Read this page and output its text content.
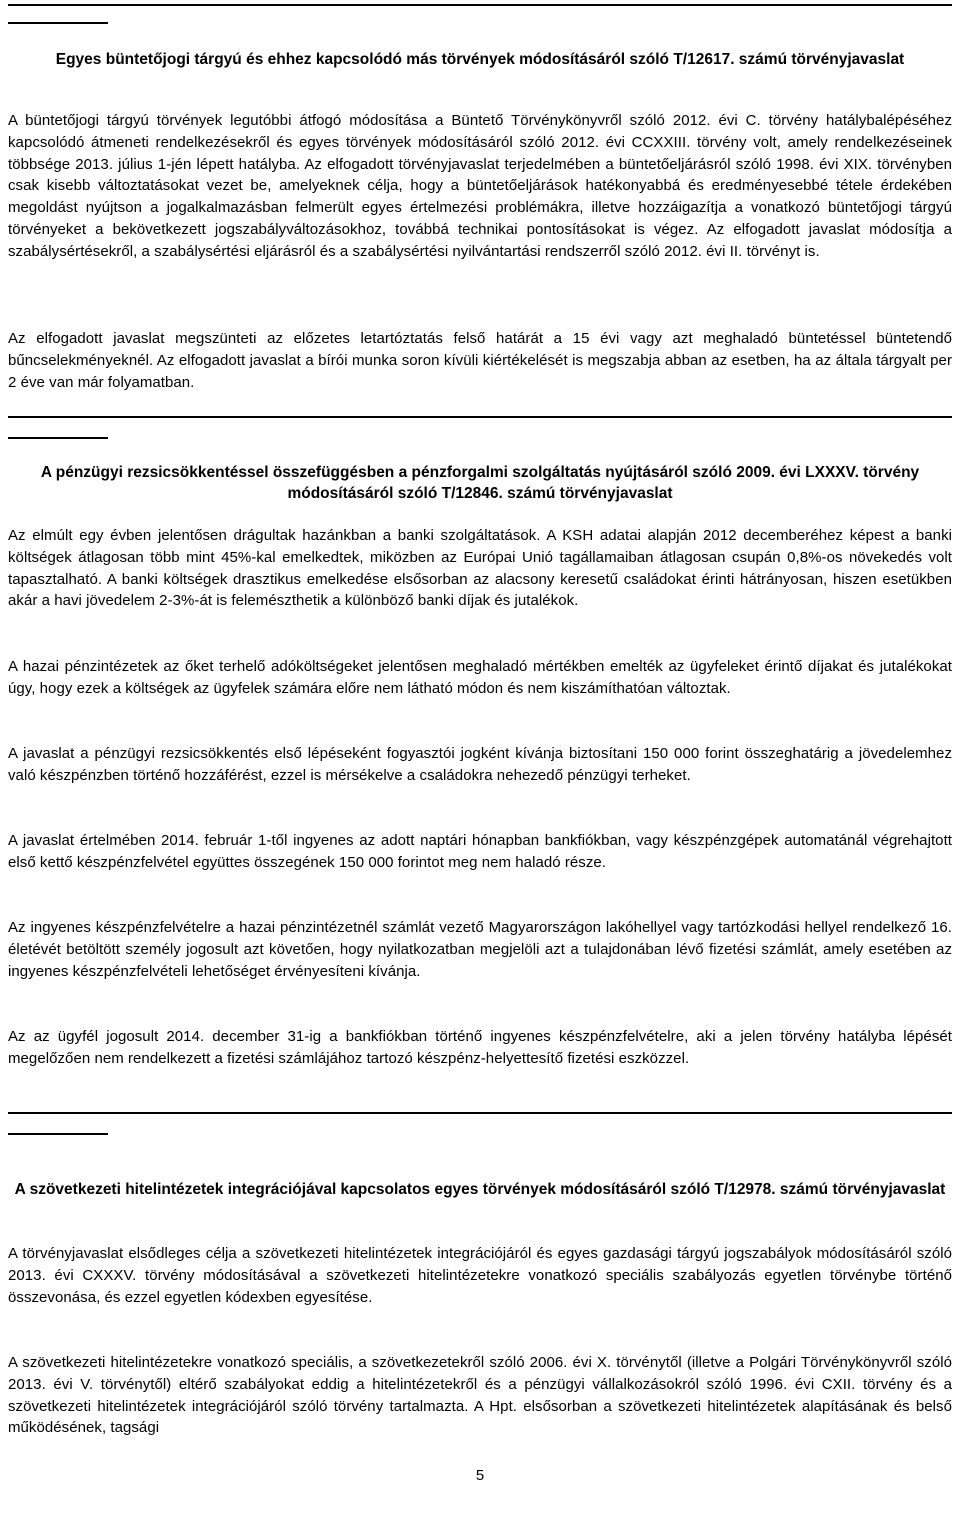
Egyes büntetőjogi tárgyú és ehhez kapcsolódó más törvények módosításáról szóló T/12617. számú törvényjavaslat
A büntetőjogi tárgyú törvények legutóbbi átfogó módosítása a Büntető Törvénykönyvről szóló 2012. évi C. törvény hatálybalépéséhez kapcsolódó átmeneti rendelkezésekről és egyes törvények módosításáról szóló 2012. évi CCXXIII. törvény volt, amely rendelkezéseinek többsége 2013. július 1-jén lépett hatályba. Az elfogadott törvényjavaslat terjedelmében a büntetőeljárásról szóló 1998. évi XIX. törvényben csak kisebb változtatásokat vezet be, amelyeknek célja, hogy a büntetőeljárások hatékonyabbá és eredményesebbé tétele érdekében megoldást nyújtson a jogalkalmazásban felmerült egyes értelmezési problémákra, illetve hozzáigazítja a vonatkozó büntetőjogi tárgyú törvényeket a bekövetkezett jogszabályváltozásokhoz, továbbá technikai pontosításokat is végez. Az elfogadott javaslat módosítja a szabálysértésekről, a szabálysértési eljárásról és a szabálysértési nyilvántartási rendszerről szóló 2012. évi II. törvényt is.
Az elfogadott javaslat megszünteti az előzetes letartóztatás felső határát a 15 évi vagy azt meghaladó büntetéssel büntetendő bűncselekményeknél. Az elfogadott javaslat a bírói munka soron kívüli kiértékelését is megszabja abban az esetben, ha az általa tárgyalt per 2 éve van már folyamatban.
A pénzügyi rezsicsökkentéssel összefüggésben a pénzforgalmi szolgáltatás nyújtásáról szóló 2009. évi LXXXV. törvény módosításáról szóló T/12846. számú törvényjavaslat
Az elmúlt egy évben jelentősen drágultak hazánkban a banki szolgáltatások. A KSH adatai alapján 2012 decemberéhez képest a banki költségek átlagosan több mint 45%-kal emelkedtek, miközben az Európai Unió tagállamaiban átlagosan csupán 0,8%-os növekedés volt tapasztalható. A banki költségek drasztikus emelkedése elsősorban az alacsony keresetű családokat érinti hátrányosan, hiszen esetükben akár a havi jövedelem 2-3%-át is felemészthetik a különböző banki díjak és jutalékok.
A hazai pénzintézetek az őket terhelő adóköltségeket jelentősen meghaladó mértékben emelték az ügyfeleket érintő díjakat és jutalékokat úgy, hogy ezek a költségek az ügyfelek számára előre nem látható módon és nem kiszámíthatóan változtak.
A javaslat a pénzügyi rezsicsökkentés első lépéseként fogyasztói jogként kívánja biztosítani 150 000 forint összeghatárig a jövedelemhez való készpénzben történő hozzáférést, ezzel is mérsékelve a családokra nehezedő pénzügyi terheket.
A javaslat értelmében 2014. február 1-től ingyenes az adott naptári hónapban bankfiókban, vagy készpénzgépek automatánál végrehajtott első kettő készpénzfelvétel együttes összegének 150 000 forintot meg nem haladó része.
Az ingyenes készpénzfelvételre a hazai pénzintézetnél számlát vezető Magyarországon lakóhellyel vagy tartózkodási hellyel rendelkező 16. életévét betöltött személy jogosult azt követően, hogy nyilatkozatban megjelöli azt a tulajdonában lévő fizetési számlát, amely esetében az ingyenes készpénzfelvételi lehetőséget érvényesíteni kívánja.
Az az ügyfél jogosult 2014. december 31-ig a bankfiókban történő ingyenes készpénzfelvételre, aki a jelen törvény hatályba lépését megelőzően nem rendelkezett a fizetési számlájához tartozó készpénz-helyettesítő fizetési eszközzel.
A szövetkezeti hitelintézetek integrációjával kapcsolatos egyes törvények módosításáról szóló T/12978. számú törvényjavaslat
A törvényjavaslat elsődleges célja a szövetkezeti hitelintézetek integrációjáról és egyes gazdasági tárgyú jogszabályok módosításáról szóló 2013. évi CXXXV. törvény módosításával a szövetkezeti hitelintézetekre vonatkozó speciális szabályozás egyetlen törvénybe történő összevonása, és ezzel egyetlen kódexben egyesítése.
A szövetkezeti hitelintézetekre vonatkozó speciális, a szövetkezetekről szóló 2006. évi X. törvénytől (illetve a Polgári Törvénykönyvről szóló 2013. évi V. törvénytől) eltérő szabályokat eddig a hitelintézetekről és a pénzügyi vállalkozásokról szóló 1996. évi CXII. törvény és a szövetkezeti hitelintézetek integrációjáról szóló törvény tartalmazta. A Hpt. elsősorban a szövetkezeti hitelintézetek alapításának és belső működésének, tagsági
5
